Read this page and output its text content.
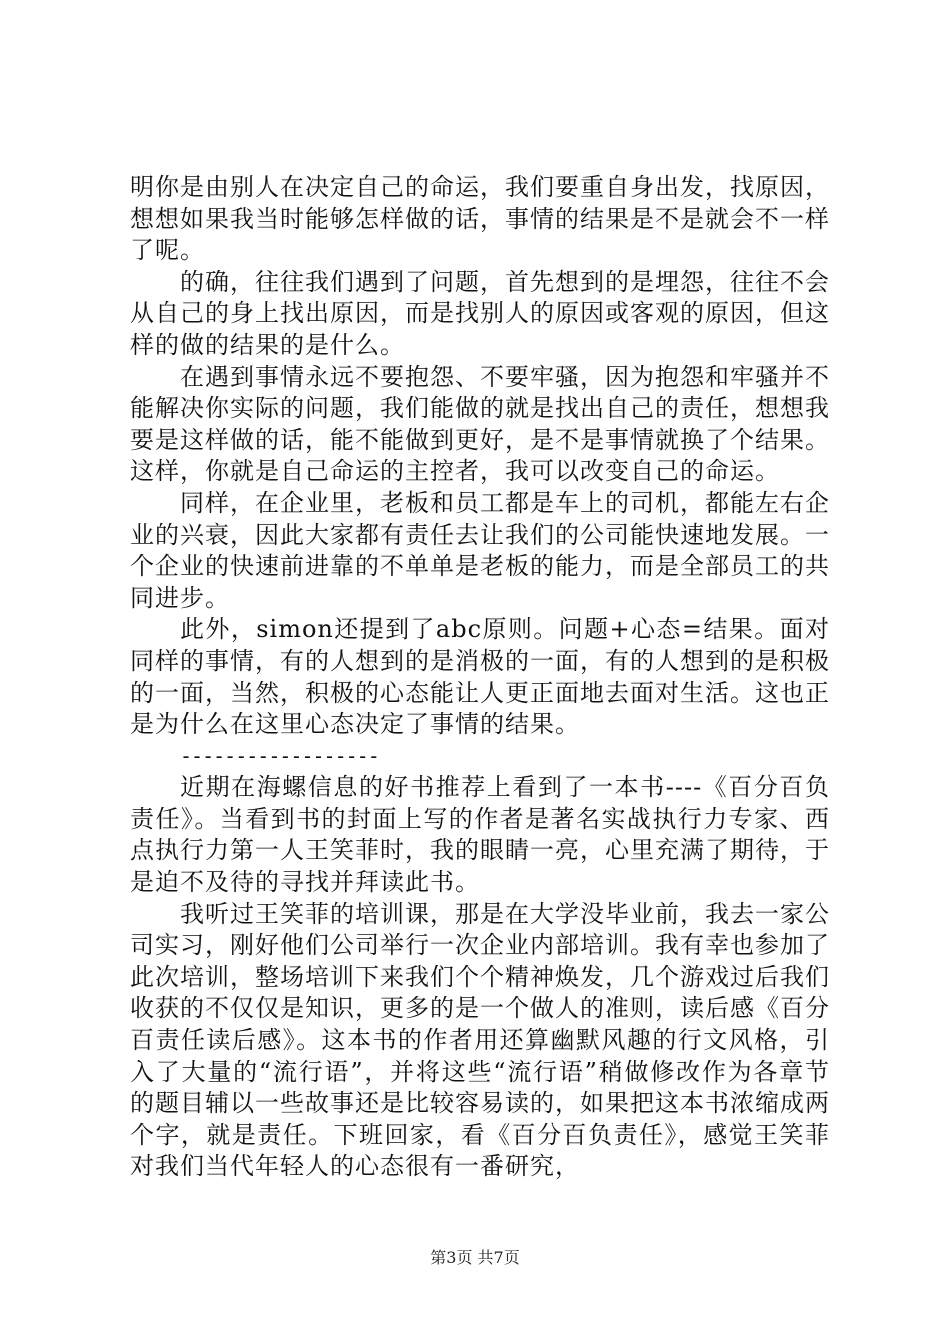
明你是由别人在决定自己的命运，我们要重自身出发，找原因，想想如果我当时能够怎样做的话，事情的结果是不是就会不一样了呢。

的确，往往我们遇到了问题，首先想到的是埋怨，往往不会从自己的身上找出原因，而是找别人的原因或客观的原因，但这样的做的结果的是什么。

在遇到事情永远不要抱怨、不要牢骚，因为抱怨和牢骚并不能解决你实际的问题，我们能做的就是找出自己的责任，想想我要是这样做的话，能不能做到更好，是不是事情就换了个结果。这样，你就是自己命运的主控者，我可以改变自己的命运。

同样，在企业里，老板和员工都是车上的司机，都能左右企业的兴衰，因此大家都有责任去让我们的公司能快速地发展。一个企业的快速前进靠的不单单是老板的能力，而是全部员工的共同进步。

此外，simon还提到了abc原则。问题+心态=结果。面对同样的事情，有的人想到的是消极的一面，有的人想到的是积极的一面，当然，积极的心态能让人更正面地去面对生活。这也正是为什么在这里心态决定了事情的结果。

------------------

近期在海螺信息的好书推荐上看到了一本书----《百分百负责任》。当看到书的封面上写的作者是著名实战执行力专家、西点执行力第一人王笑菲时，我的眼睛一亮，心里充满了期待，于是迫不及待的寻找并拜读此书。

我听过王笑菲的培训课，那是在大学没毕业前，我去一家公司实习，刚好他们公司举行一次企业内部培训。我有幸也参加了此次培训，整场培训下来我们个个精神焕发，几个游戏过后我们收获的不仅仅是知识，更多的是一个做人的准则，读后感《百分百责任读后感》。这本书的作者用还算幽默风趣的行文风格，引入了大量的“流行语”，并将这些“流行语”稍做修改作为各章节的题目辅以一些故事还是比较容易读的，如果把这本书浓缩成两个字，就是责任。下班回家，看《百分百负责任》，感觉王笑菲对我们当代年轻人的心态很有一番研究，

第3页 共7页
